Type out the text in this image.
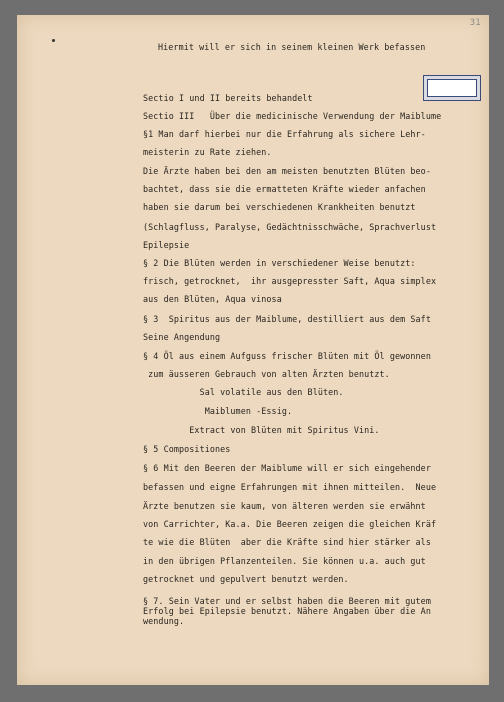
31
Hiermit will er sich in seinem kleinen Werk befassen
Sectio I und II bereits behandelt
Sectio III   Über die medicinische Verwendung der Maiblume
§1 Man darf hierbei nur die Erfahrung als sichere Lehr-
meisterin zu Rate ziehen.
Die Ärzte haben bei den am meisten benutzten Blüten beo-
bachtet, dass sie die ermatteten Kräfte wieder anfachen
haben sie darum bei verschiedenen Krankheiten benutzt
(Schlagfluss, Paralyse, Gedächtnisschwäche, Sprachverlust
Epilepsie
§ 2 Die Blüten werden in verschiedener Weise benutzt:
frisch, getrocknet,  ihr ausgepresster Saft, Aqua simplex
aus den Blüten, Aqua vinosa
§ 3  Spiritus aus der Maiblume, destilliert aus dem Saft
Seine Angendung
§ 4 Öl aus einem Aufguss frischer Blüten mit Öl gewonnen
zum äusseren Gebrauch von alten Ärzten benutzt.
Sal volatile aus den Blüten.
Maiblumen -Essig.
Extract von Blüten mit Spiritus Vini.
§ 5 Compositiones
§ 6 Mit den Beeren der Maiblume will er sich eingehender
befassen und eigne Erfahrungen mit ihnen mitteilen.  Neue
Ärzte benutzen sie kaum, von älteren werden sie erwähnt
von Carrichter, Ka.a. Die Beeren zeigen die gleichen Kräf
te wie die Blüten  aber die Kräfte sind hier stärker als
in den übrigen Pflanzenteilen. Sie können u.a. auch gut
getrocknet und gepulvert benutzt werden.
§ 7. Sein Vater und er selbst haben die Beeren mit gutem
Erfolg bei Epilepsie benutzt. Nähere Angaben über die An
wendung.
